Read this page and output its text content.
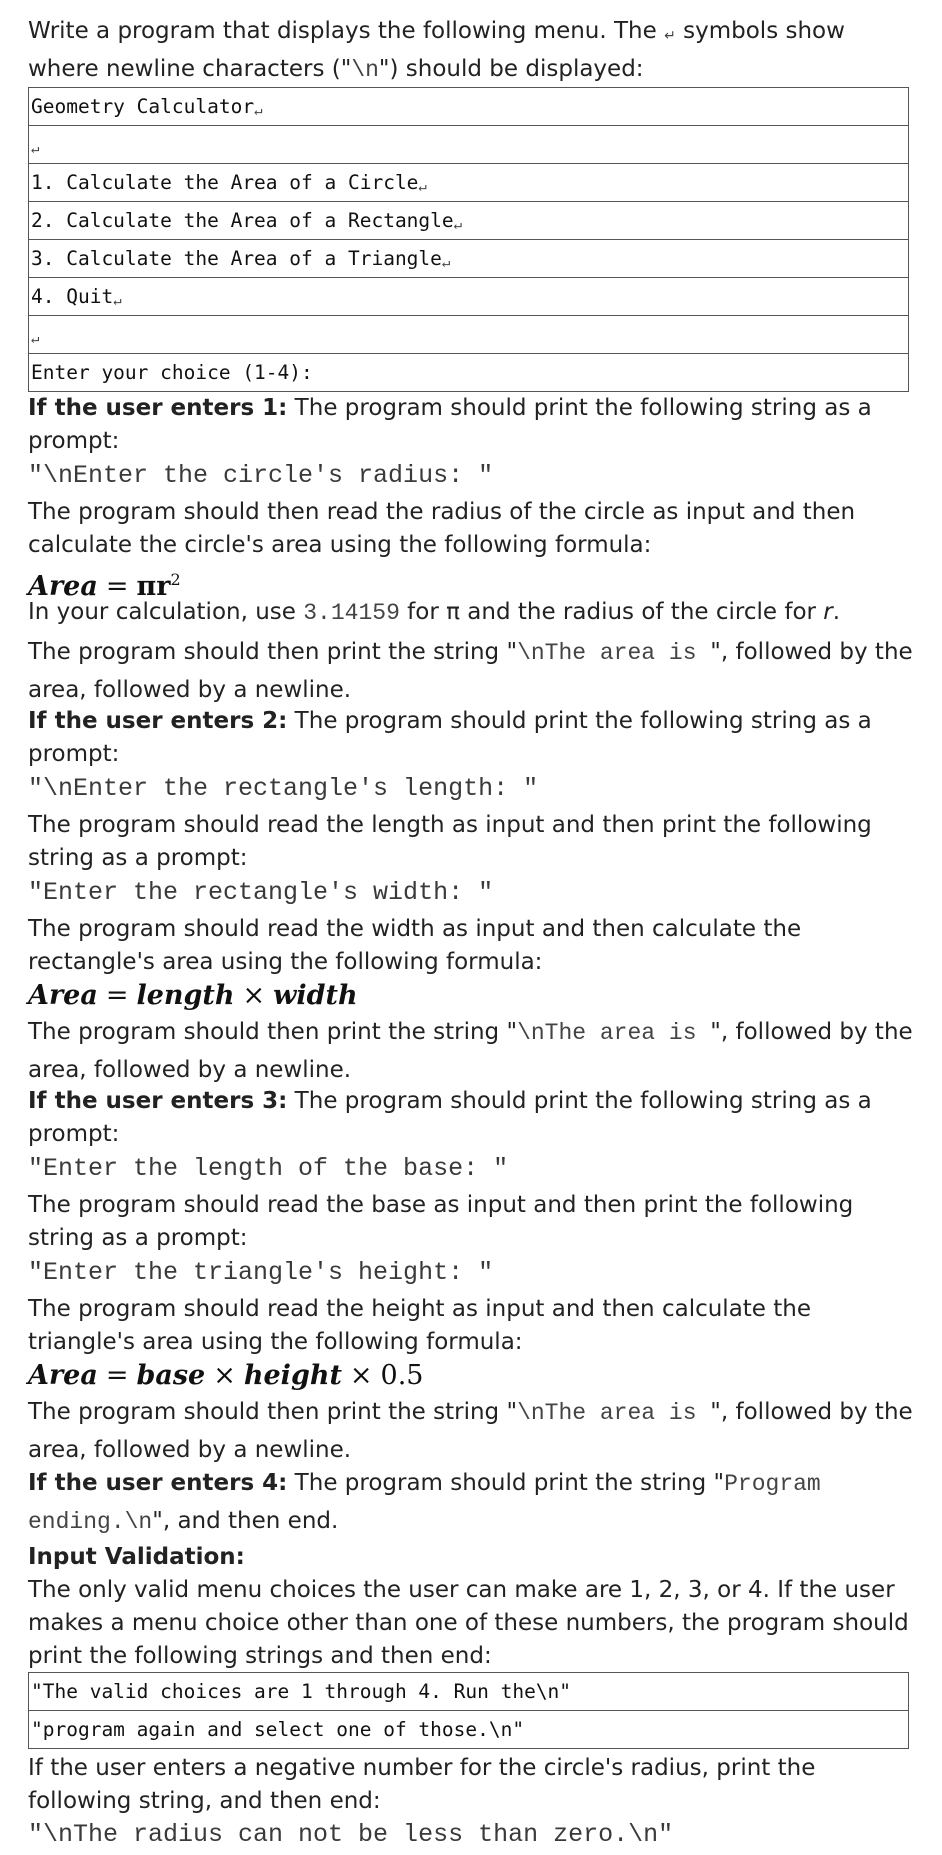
Write a program that displays the following menu. The ↵ symbols show where newline characters ("\n") should be displayed:

Geometry Calculator↵
↵
1. Calculate the Area of a Circle↵
2. Calculate the Area of a Rectangle↵
3. Calculate the Area of a Triangle↵
4. Quit↵
↵
Enter your choice (1-4):

If the user enters 1: The program should print the following string as a prompt:

"\nEnter the circle's radius: "

The program should then read the radius of the circle as input and then calculate the circle's area using the following formula:

Area = $\pi r^2$

In your calculation, use 3.14159 for π and the radius of the circle for r.

The program should then print the string "\nThe area is ", followed by the area, followed by a newline.

If the user enters 2: The program should print the following string as a prompt:

"\nEnter the rectangle's length: "

The program should read the length as input and then print the following string as a prompt:

"Enter the rectangle's width: "

The program should read the width as input and then calculate the rectangle's area using the following formula:

Area = length × width

The program should then print the string "\nThe area is ", followed by the area, followed by a newline.

If the user enters 3: The program should print the following string as a prompt:

"Enter the length of the base: "

The program should read the base as input and then print the following string as a prompt:

"Enter the triangle's height: "

The program should read the height as input and then calculate the triangle's area using the following formula:

Area = base × height × 0.5

The program should then print the string "\nThe area is ", followed by the area, followed by a newline.

If the user enters 4: The program should print the string "Program ending.\n", and then end.

Input Validation:

The only valid menu choices the user can make are 1, 2, 3, or 4. If the user makes a menu choice other than one of these numbers, the program should print the following strings and then end:

"The valid choices are 1 through 4. Run the\n"
"program again and select one of those.\n"

If the user enters a negative number for the circle's radius, print the following string, and then end:

"\nThe radius can not be less than zero.\n"
